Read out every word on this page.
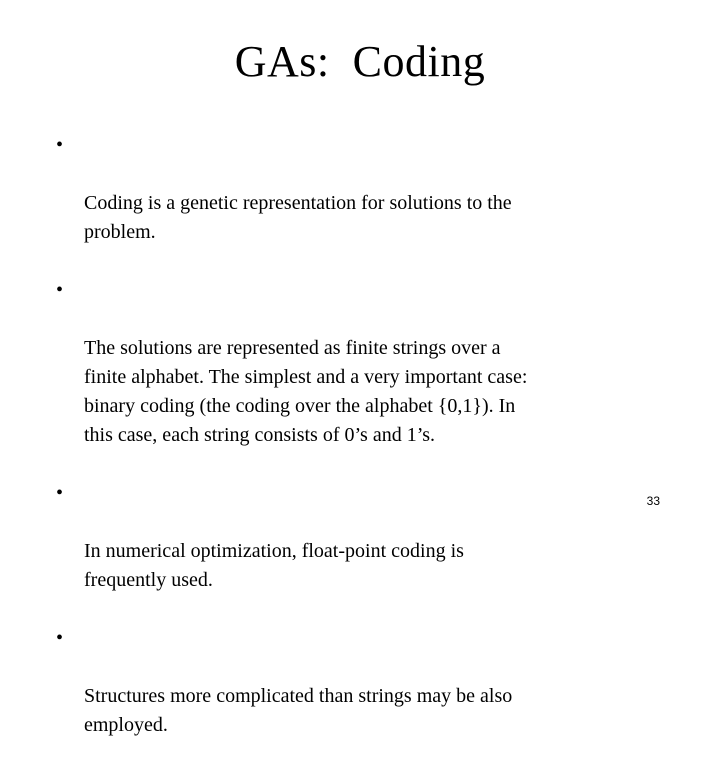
GAs:  Coding

•

Coding is a genetic representation for solutions to the
problem.

•

The solutions are represented as finite strings over a
finite alphabet. The simplest and a very important case:
binary coding (the coding over the alphabet {0,1}). In
this case, each string consists of 0’s and 1’s.

•

In numerical optimization, float-point coding is
frequently used.

•

Structures more complicated than strings may be also
employed.

33
